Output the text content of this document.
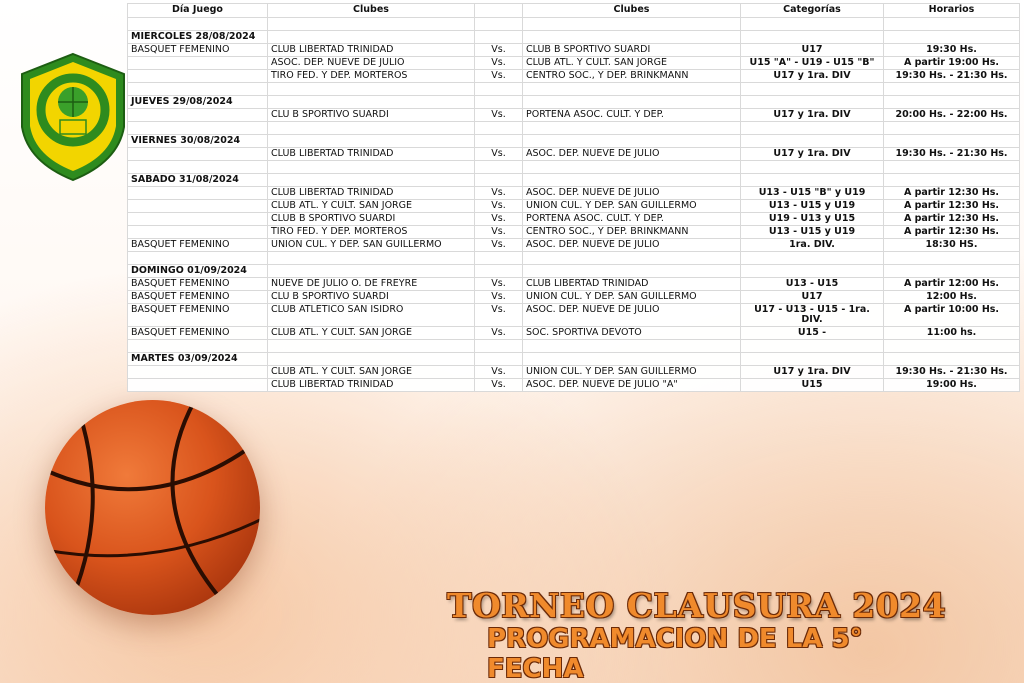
Día Juego	Clubes		Clubes	Categorías	Horarios

MIERCOLES 28/08/2024					
BASQUET FEMENINO	CLUB LIBERTAD TRINIDAD	Vs.	CLUB B SPORTIVO SUARDI	U17	19:30 Hs.
	ASOC. DEP. NUEVE DE JULIO	Vs.	CLUB ATL. Y CULT. SAN JORGE	U15 "A" - U19 - U15 "B"	A partir 19:00 Hs.
	TIRO FED. Y DEP. MORTEROS	Vs.	CENTRO SOC., Y DEP. BRINKMANN	U17 y 1ra. DIV	19:30 Hs. - 21:30 Hs.

JUEVES 29/08/2024					
	CLU B SPORTIVO SUARDI	Vs.	PORTEÑA ASOC. CULT. Y DEP.	U17 y 1ra. DIV	20:00 Hs. - 22:00 Hs.

VIERNES 30/08/2024					
	CLUB LIBERTAD TRINIDAD	Vs.	ASOC. DEP. NUEVE DE JULIO	U17 y 1ra. DIV	19:30 Hs. - 21:30 Hs.

SABADO 31/08/2024					
	CLUB LIBERTAD TRINIDAD	Vs.	ASOC. DEP. NUEVE DE JULIO	U13 - U15 "B" y U19	A partir 12:30 Hs.
	CLUB ATL. Y CULT. SAN JORGE	Vs.	UNION CUL. Y DEP. SAN GUILLERMO	U13 - U15 y U19	A partir 12:30 Hs.
	CLUB B SPORTIVO SUARDI	Vs.	PORTEÑA ASOC. CULT. Y DEP.	U19 - U13 y U15	A partir 12:30 Hs.
	TIRO FED. Y DEP. MORTEROS	Vs.	CENTRO SOC., Y DEP. BRINKMANN	U13 - U15 y U19	A partir 12:30 Hs.
BASQUET FEMENINO	UNION CUL. Y DEP. SAN GUILLERMO	Vs.	ASOC. DEP. NUEVE DE JULIO	1ra. DIV.	18:30 HS.

DOMINGO 01/09/2024					
BASQUET FEMENINO	NUEVE DE JULIO O. DE FREYRE	Vs.	CLUB LIBERTAD TRINIDAD	U13 - U15	A partir 12:00 Hs.
BASQUET FEMENINO	CLU B SPORTIVO SUARDI	Vs.	UNION CUL. Y DEP. SAN GUILLERMO	U17	12:00 Hs.
BASQUET FEMENINO	CLUB ATLETICO SAN ISIDRO	Vs.	ASOC. DEP. NUEVE DE JULIO	U17 - U13 - U15 - 1ra. DIV.	A partir 10:00 Hs.
BASQUET FEMENINO	CLUB ATL. Y CULT. SAN JORGE	Vs.	SOC. SPORTIVA DEVOTO	U15 -	11:00 hs.

MARTES 03/09/2024					
	CLUB ATL. Y CULT. SAN JORGE	Vs.	UNION CUL. Y DEP. SAN GUILLERMO	U17 y 1ra. DIV	19:30 Hs. - 21:30 Hs.
	CLUB LIBERTAD TRINIDAD	Vs.	ASOC. DEP. NUEVE DE JULIO "A"	U15	19:00 Hs.
TORNEO CLAUSURA 2024
PROGRAMACION DE LA 5° FECHA
